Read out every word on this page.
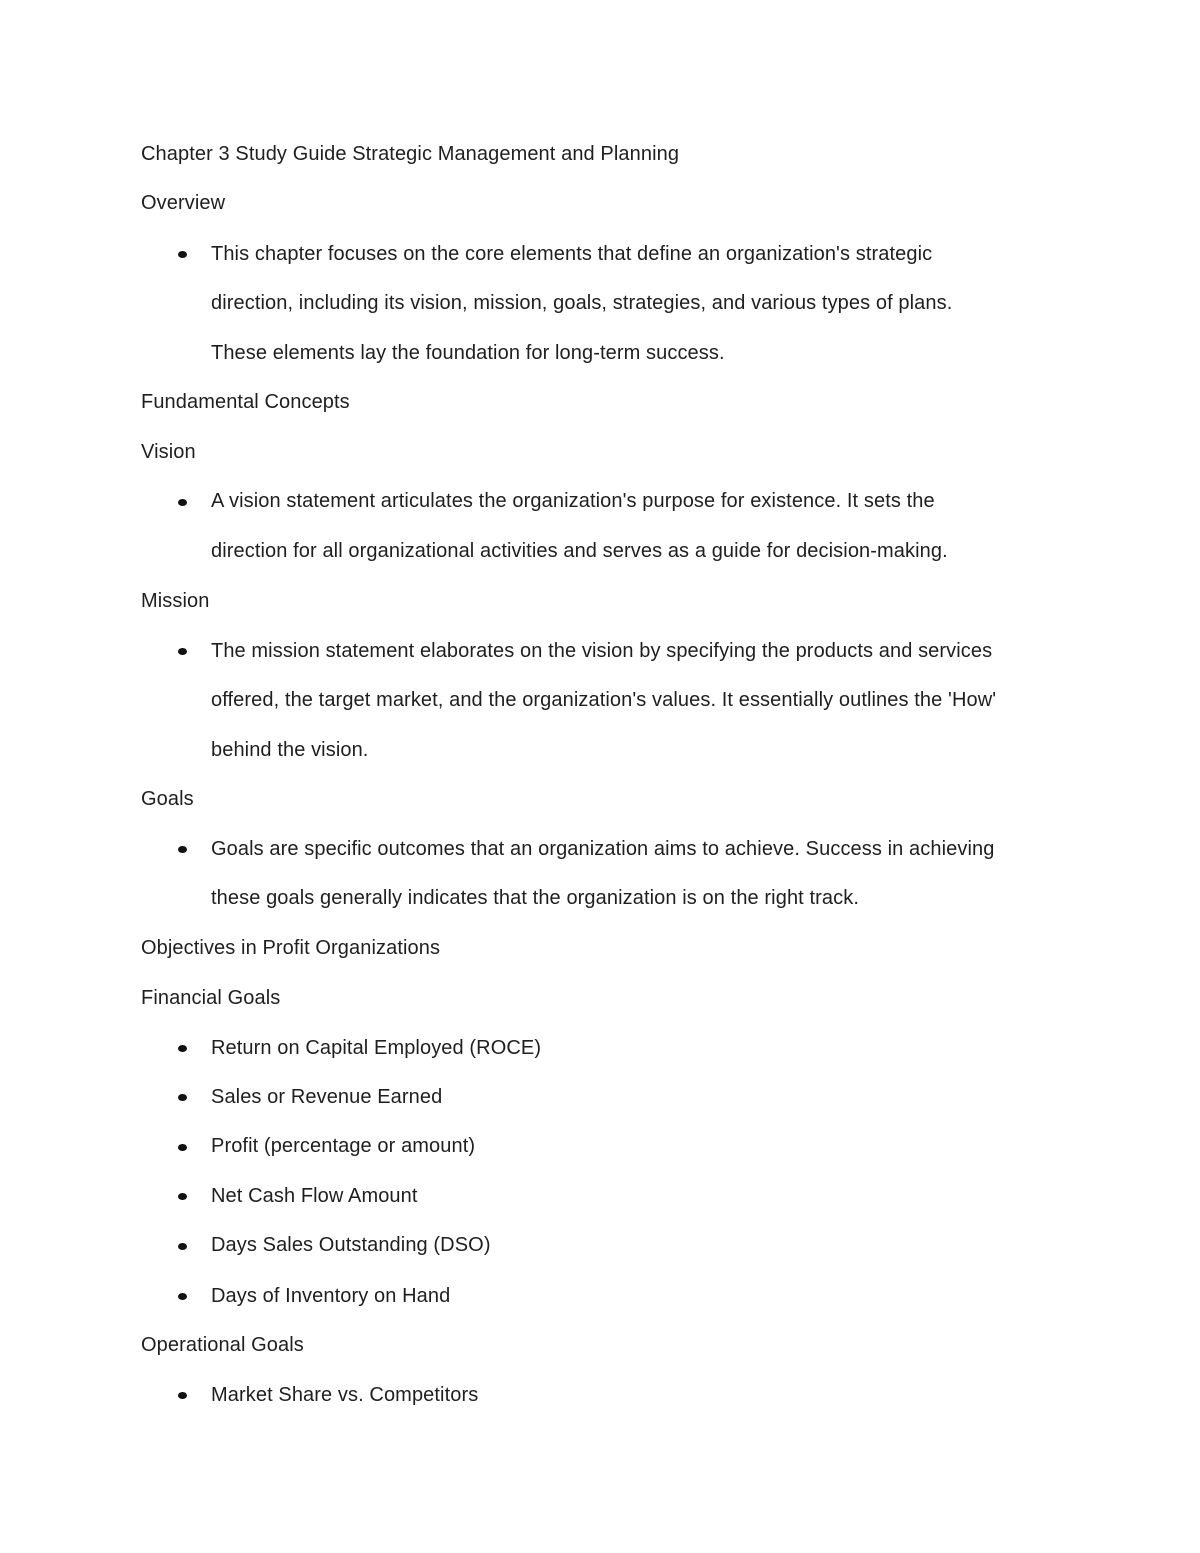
Chapter 3 Study Guide Strategic Management and Planning
Overview
This chapter focuses on the core elements that define an organization's strategic
direction, including its vision, mission, goals, strategies, and various types of plans.
These elements lay the foundation for long-term success.
Fundamental Concepts
Vision
A vision statement articulates the organization's purpose for existence. It sets the
direction for all organizational activities and serves as a guide for decision-making.
Mission
The mission statement elaborates on the vision by specifying the products and services
offered, the target market, and the organization's values. It essentially outlines the 'How'
behind the vision.
Goals
Goals are specific outcomes that an organization aims to achieve. Success in achieving
these goals generally indicates that the organization is on the right track.
Objectives in Profit Organizations
Financial Goals
Return on Capital Employed (ROCE)
Sales or Revenue Earned
Profit (percentage or amount)
Net Cash Flow Amount
Days Sales Outstanding (DSO)
Days of Inventory on Hand
Operational Goals
Market Share vs. Competitors
